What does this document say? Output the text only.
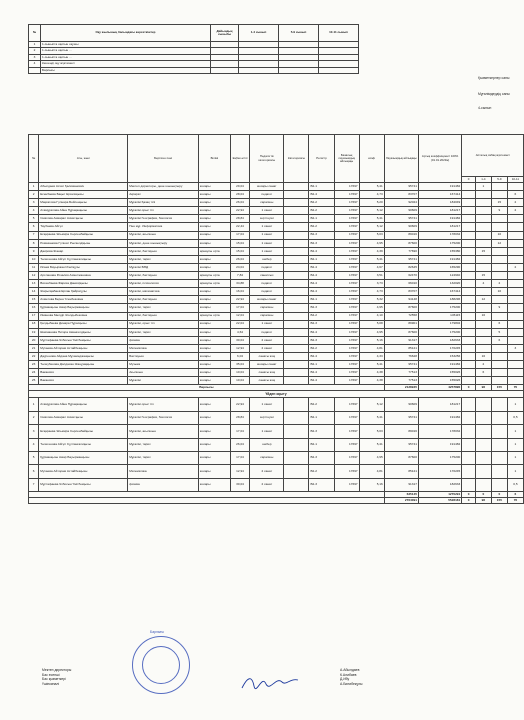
№	Оқу жылының басындағы көрсеткіштер	Дайындық сыныбы	1-4 сынып	5-9 сынып	10-11 сынып
1	1-сыныпта оқитын оқушы				
2	1-сыныпта оқитын ...				
3	1-сыныпта оқитын ...				
4	Кешенді оқу жүктемесі				
	Барлығы				
Қызметкерлер саны
Мұғалімдердің саны
4-сынып
№	Аты, жөні	Берілген пәні	Білімі	Еңбек өтілі	Педагогтік категориясы	Категориясы	Регистр	Базалық лауазымдық айлықақы	коэф	Лауазымдық айлықақы	Артық коэффициенті 100% (01.01.2023ж)	Апталық сабақ жүктемесі			
												0	1-4	5-9	10-11
1	Абылдаев Асхат Қалижанович	Мектеп директоры, дене шынықтыру	жоғары	29,04	жоғары санат		В2-1	17697	5,41	95741	191482		1		
2	Есенбаева Бақыт Ерғалиқызы	Ақпарат	жоғары	28,04	педагог		В2-4	17697	4,73	83707	167414				6
3	Мақсатова Гүлнара Бейсенқызы	Мұғалім Қазақ тілі	жоғары	26,04	сарапшы		В2-2	17697	5,20	92024	184049			15	2
4	Атамұратова Айна Нұрақанқызы	Мұғалім орыс тіл	жоғары	22,94	1 санат		В2-2	17697	5,12	90609	181217			9	2
5	Сматова Акмарал Ахметқызы	Мұғалім География, биология	жоғары	28,84	зерттеуші		В2-1	17697	5,41	95741	191482				
6	Таубаева Айгүл	Пән мұғ. Информатика	жоғары	22,44	1 санат		В2-2	17697	5,12	90609	181217				
7	Есқараева Эльмира Сәрсенбайқызы	Мұғалім, ағылшын	жоғары	17,04	1 санат		В2-3	17697	5,03	89016	178032			10	
8	Ромазанова Гүлшат Рыскелдіқызы	Мұғалім, дене шынықтыру	жоғары	15,04	1 санат		В2-3	17697	4,95	87600	175200			12	
9	Даирова Жанар	Мұғалім, бастауыш	арнаулы орта	15,04	1 санат		В2-4	17697	4,39	77690	155380		15		
10	Төлегенова Айгүл Сұлтанғалиқызы	Мұғалім, тарих	жоғары	26,04	шебер		В2-1	17697	5,41	95741	191482				
11	Исаев Бауыржан Игелікұлы	Мұғалім БӘД	жоғары	24,04	педагог		В2-4	17697	4,67	82645	165290				2
12	Арсланова Розалия Ахметжановна	Мұғалім, бастауыш	арнаулы орта	7,84	санатсыз		В4-4	17697	3,51	62470	124940		15		
13	Висенбаева Фариза Даниярқызы	Мұғалім, психология	арнаулы орта	34,88	педагог		В4-4	17697	3,73	66010	132020		4	2	
14	Жарылқабаев Ерлан Қайратұлы	Мұғалім, математика	жоғары	16,04	педагог		В2-4	17697	4,73	83707	167414			10	
15	Ахметова Берен Үсенбековна	Мұғалім, бастауыш	жоғары	22,94	жоғары санат		В2-1	17697	5,32	94148	188296		12		
16	Құрманқызы Ажар Бауыржанқызы	Мұғалім, тарих	жоғары	17,04	сарапшы		В2-3	17697	4,95	87600	175200			9	
17	Иманова Мөлдір Жолдыбековна	Мұғалім, бастауыш	арнаулы орта	12,04	сарапшы		В4-2	17697	4,10	72558	145115		16		
18	Қалдыбаева Динара Нұрасқызы	Мұғалім, орыс тіл	жоғары	22,04	1 санат		В2-3	17697	5,08	89901	179802			6	
19	Шахманова Нигора Амангелдіқызы	Мұғалім, тарих	жоғары	4,64	педагог		В2-4	17697	4,95	87600	175200			5	
20	Мұстафаева Ұлбосын Үмітбекқызы	физика	жоғары	30,04	2 санат		В2-3	17697	5,16	91317	182633			6	
21	Мухаева Айторам Ахтайбекқызы	Математика	жоғары	12,94	2 санат		В2-2	17697	4,81	85121	170245				3
22	Дауренова Айдана Мұхамеджанқызы	Бастауыш	жоғары	6,04	санаты жоқ		В2-4	17697	4,33	76628	153256		16		
23	Төлеубекова Дилдахан Жанұзаққызы	Музыка	жоғары	35,04	жоғары санат		В2-1	17697	5,41	95741	191482		2		
24	Вакансия	Ағылшын	жоғары	10,04	санаты жоқ		В2-4	17697	4,38	77513	155026		6		
25	Вакансия	Мұғалім	жоғары	10,04	санаты жоқ		В2-4	17697	4,38	77513	155026				
Барлығы										2128945	4257890	0	96	155	70
Үйден оқыту															
1	Атамұратова Айна Нұрақанқызы	Мұғалім орыс тіл	жоғары	22,94	1 санат		В2-2	17697	5,12	90609	181217				1
2	Сматова Акмарал Ахметқызы	Мұғалім География, биология	жоғары	28,84	зерттеуші		В2-1	17697	5,41	95741	191482				0,5
3	Есқараева Эльмира Сәрсенбайқызы	Мұғалім, ағылшын	жоғары	17,04	1 санат		В2-3	17697	5,03	89016	178032				1
4	Төлегенова Айгүл Сұлтанғалиқызы	Мұғалім, тарих	жоғары	26,04	шебер		В2-1	17697	5,41	95741	191482				1
5	Құрманқызы Ажар Бауыржанқызы	Мұғалім, тарих	жоғары	17,04	сарапшы		В2-3	17697	4,95	87600	175200				1
6	Мухаева Айторам Ахтайбекқызы	Математика	жоғары	12,94	2 санат		В2-2	17697	4,81	85121	170245				1
7	Мұстафаева Ұлбосын Үмітбекқызы	физика	жоғары	30,04	2 санат		В2-3	17697	5,16	91317	182633				0,5
										635145	1270291	0	0	0	6
										2764091	5528181	0	96	155	76
Барлығы
Мектеп директоры
Бас есепші
Бас қызметкері
Үшінкиналі
А.Абылдаев
К.Алибаев
Д.Ибу
А.Бинибекұлы
